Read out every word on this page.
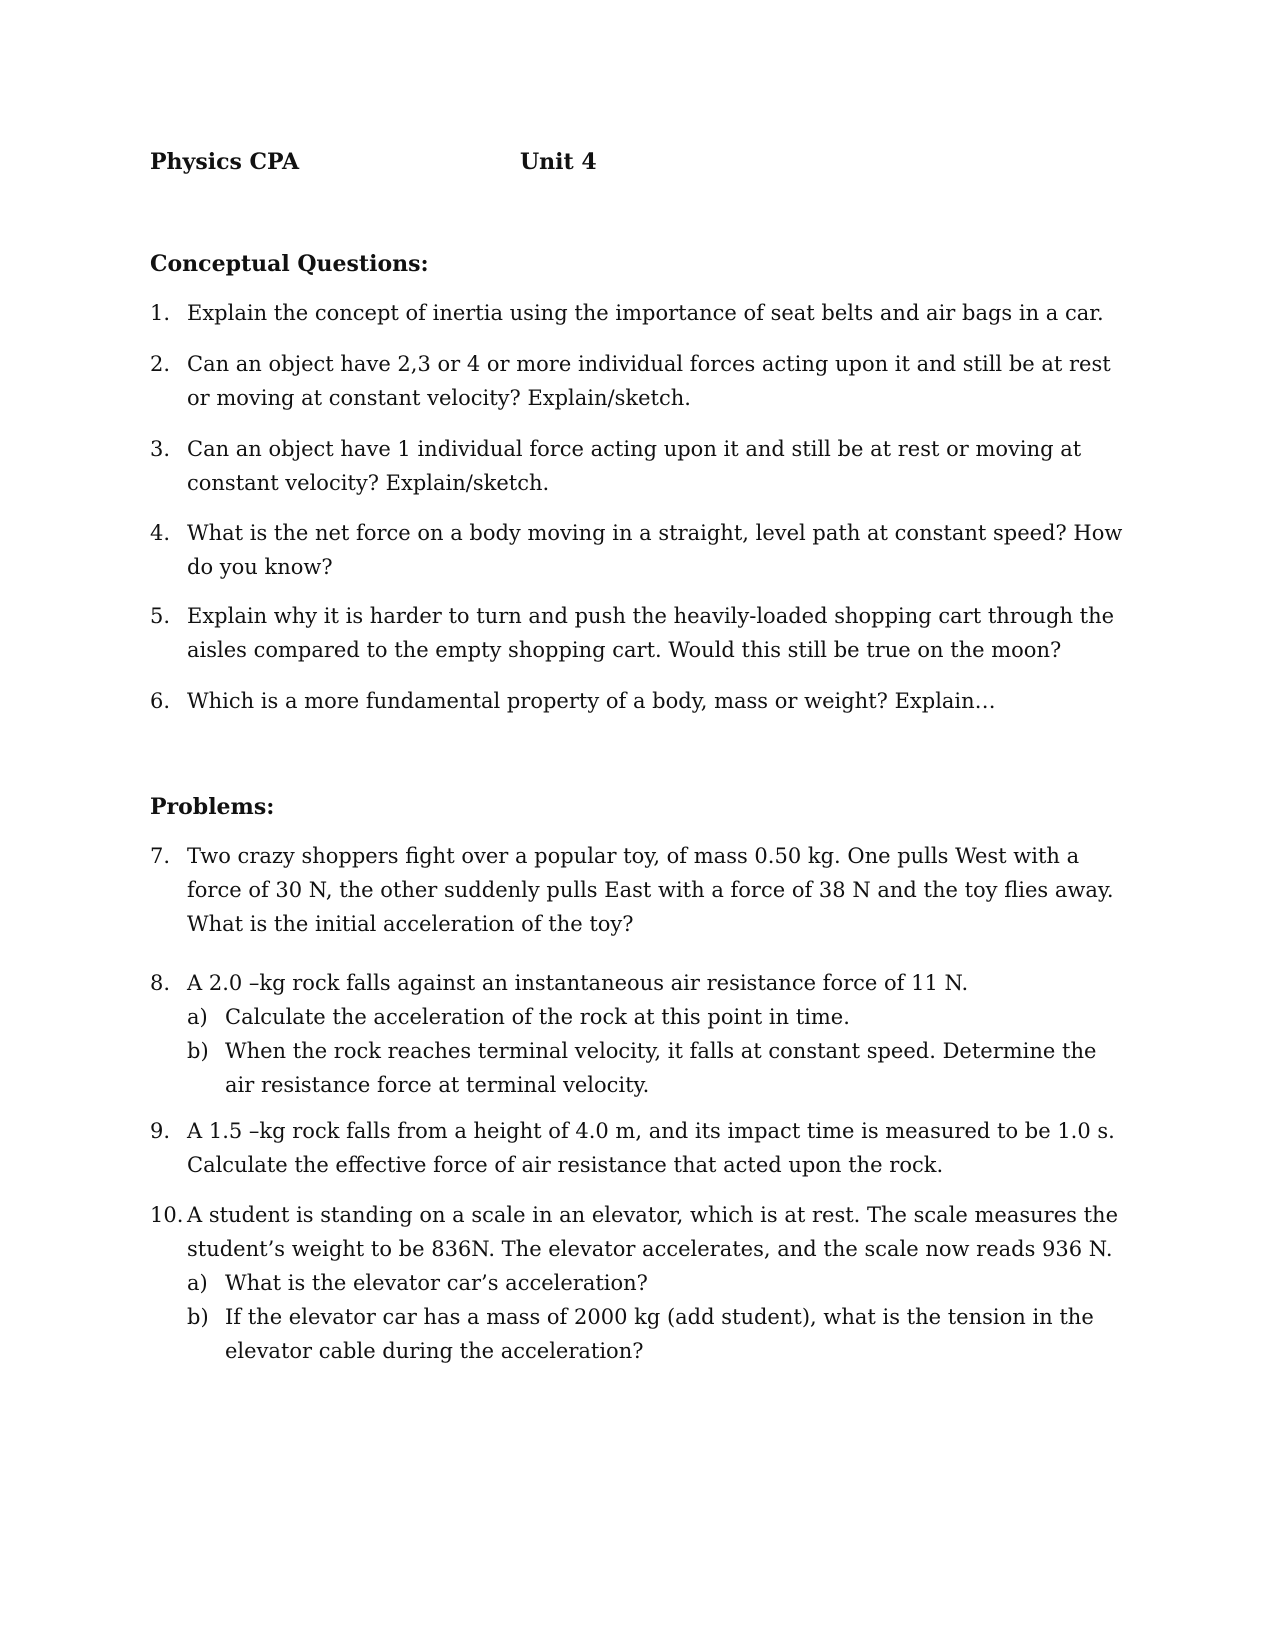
Physics CPA	Unit 4
Conceptual Questions:
1. Explain the concept of inertia using the importance of seat belts and air bags in a car.
2. Can an object have 2,3 or 4 or more individual forces acting upon it and still be at rest or moving at constant velocity? Explain/sketch.
3. Can an object have 1 individual force acting upon it and still be at rest or moving at constant velocity? Explain/sketch.
4. What is the net force on a body moving in a straight, level path at constant speed? How do you know?
5. Explain why it is harder to turn and push the heavily-loaded shopping cart through the aisles compared to the empty shopping cart. Would this still be true on the moon?
6. Which is a more fundamental property of a body, mass or weight? Explain…
Problems:
7. Two crazy shoppers fight over a popular toy, of mass 0.50 kg. One pulls West with a force of 30 N, the other suddenly pulls East with a force of 38 N and the toy flies away. What is the initial acceleration of the toy?
8. A 2.0 –kg rock falls against an instantaneous air resistance force of 11 N.
a) Calculate the acceleration of the rock at this point in time.
b) When the rock reaches terminal velocity, it falls at constant speed. Determine the air resistance force at terminal velocity.
9. A 1.5 –kg rock falls from a height of 4.0 m, and its impact time is measured to be 1.0 s. Calculate the effective force of air resistance that acted upon the rock.
10. A student is standing on a scale in an elevator, which is at rest. The scale measures the student’s weight to be 836N. The elevator accelerates, and the scale now reads 936 N.
a) What is the elevator car’s acceleration?
b) If the elevator car has a mass of 2000 kg (add student), what is the tension in the elevator cable during the acceleration?
